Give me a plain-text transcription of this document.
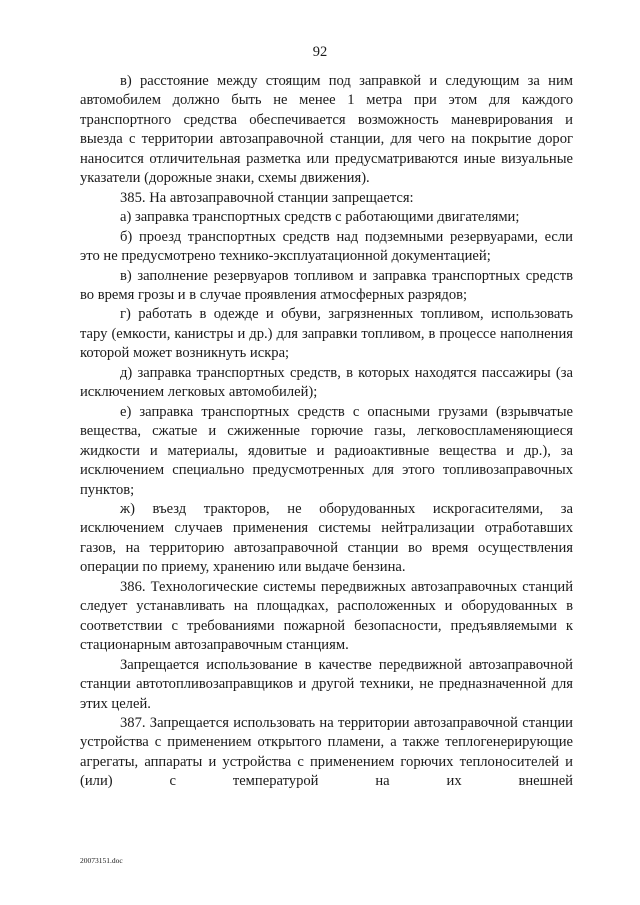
92

в) расстояние между стоящим под заправкой и следующим за ним автомобилем должно быть не менее 1 метра при этом для каждого транспортного средства обеспечивается возможность маневрирования и выезда с территории автозаправочной станции, для чего на покрытие дорог наносится отличительная разметка или предусматриваются иные визуальные указатели (дорожные знаки, схемы движения).

385. На автозаправочной станции запрещается:

а) заправка транспортных средств с работающими двигателями;

б) проезд транспортных средств над подземными резервуарами, если это не предусмотрено технико-эксплуатационной документацией;

в) заполнение резервуаров топливом и заправка транспортных средств во время грозы и в случае проявления атмосферных разрядов;

г) работать в одежде и обуви, загрязненных топливом, использовать тару (емкости, канистры и др.) для заправки топливом, в процессе наполнения которой может возникнуть искра;

д) заправка транспортных средств, в которых находятся пассажиры (за исключением легковых автомобилей);

е) заправка транспортных средств с опасными грузами (взрывчатые вещества, сжатые и сжиженные горючие газы, легковоспламеняющиеся жидкости и материалы, ядовитые и радиоактивные вещества и др.), за исключением специально предусмотренных для этого топливозаправочных пунктов;

ж) въезд тракторов, не оборудованных искрогасителями, за исключением случаев применения системы нейтрализации отработавших газов, на территорию автозаправочной станции во время осуществления операции по приему, хранению или выдаче бензина.

386. Технологические системы передвижных автозаправочных станций следует устанавливать на площадках, расположенных и оборудованных в соответствии с требованиями пожарной безопасности, предъявляемыми к стационарным автозаправочным станциям.

Запрещается использование в качестве передвижной автозаправочной станции автотопливозаправщиков и другой техники, не предназначенной для этих целей.

387. Запрещается использовать на территории автозаправочной станции устройства с применением открытого пламени, а также теплогенерирующие агрегаты, аппараты и устройства с применением горючих теплоносителей и (или) с температурой на их внешней

20073151.doc
